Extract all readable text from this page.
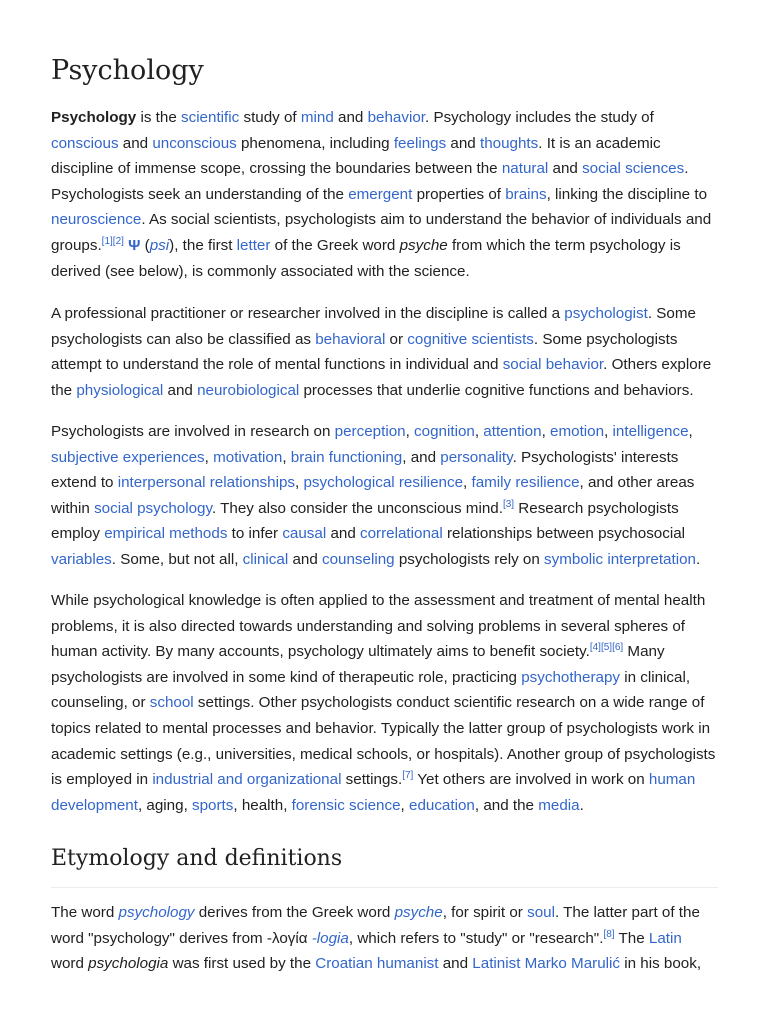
Psychology

Psychology is the scientific study of mind and behavior. Psychology includes the study of conscious and unconscious phenomena, including feelings and thoughts. It is an academic discipline of immense scope, crossing the boundaries between the natural and social sciences. Psychologists seek an understanding of the emergent properties of brains, linking the discipline to neuroscience. As social scientists, psychologists aim to understand the behavior of individuals and groups.[1][2] Ψ (psi), the first letter of the Greek word psyche from which the term psychology is derived (see below), is commonly associated with the science.

A professional practitioner or researcher involved in the discipline is called a psychologist. Some psychologists can also be classified as behavioral or cognitive scientists. Some psychologists attempt to understand the role of mental functions in individual and social behavior. Others explore the physiological and neurobiological processes that underlie cognitive functions and behaviors.

Psychologists are involved in research on perception, cognition, attention, emotion, intelligence, subjective experiences, motivation, brain functioning, and personality. Psychologists' interests extend to interpersonal relationships, psychological resilience, family resilience, and other areas within social psychology. They also consider the unconscious mind.[3] Research psychologists employ empirical methods to infer causal and correlational relationships between psychosocial variables. Some, but not all, clinical and counseling psychologists rely on symbolic interpretation.

While psychological knowledge is often applied to the assessment and treatment of mental health problems, it is also directed towards understanding and solving problems in several spheres of human activity. By many accounts, psychology ultimately aims to benefit society.[4][5][6] Many psychologists are involved in some kind of therapeutic role, practicing psychotherapy in clinical, counseling, or school settings. Other psychologists conduct scientific research on a wide range of topics related to mental processes and behavior. Typically the latter group of psychologists work in academic settings (e.g., universities, medical schools, or hospitals). Another group of psychologists is employed in industrial and organizational settings.[7] Yet others are involved in work on human development, aging, sports, health, forensic science, education, and the media.

Etymology and definitions

The word psychology derives from the Greek word psyche, for spirit or soul. The latter part of the word "psychology" derives from -λογία -logia, which refers to "study" or "research".[8] The Latin word psychologia was first used by the Croatian humanist and Latinist Marko Marulić in his book,
